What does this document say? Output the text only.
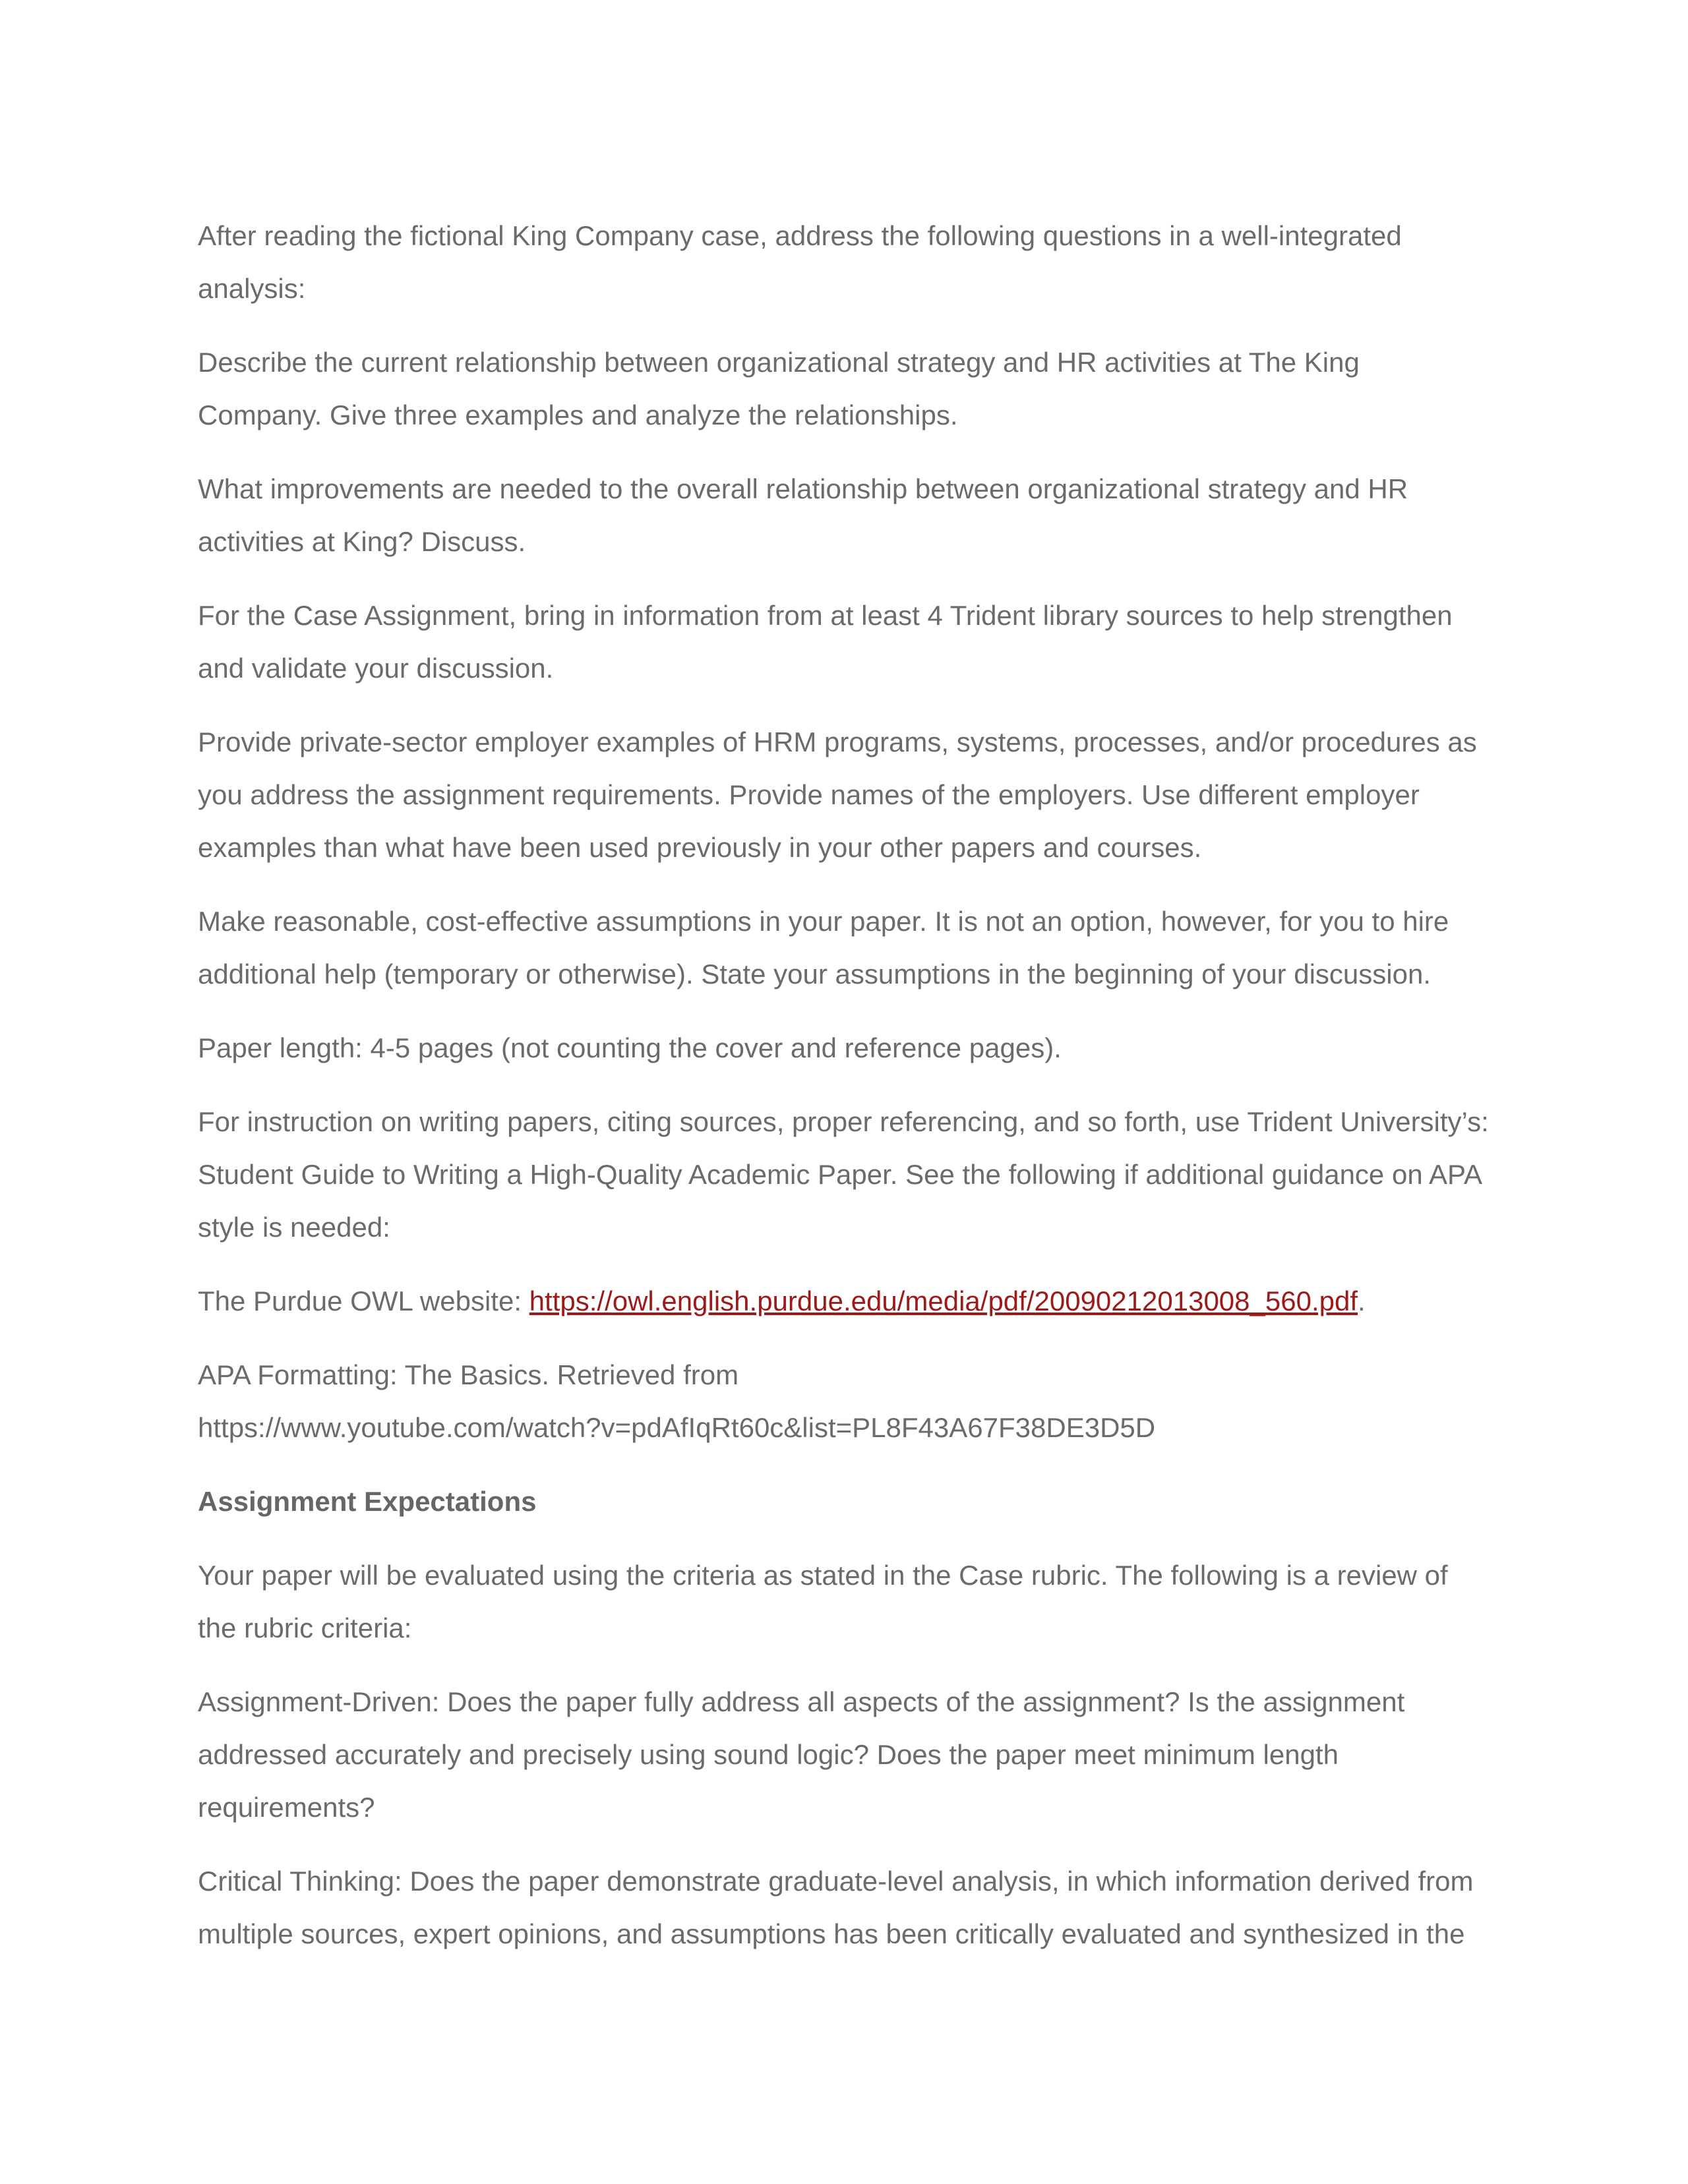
After reading the fictional King Company case, address the following questions in a well-integrated
analysis:

Describe the current relationship between organizational strategy and HR activities at The King
Company. Give three examples and analyze the relationships.

What improvements are needed to the overall relationship between organizational strategy and HR
activities at King? Discuss.

For the Case Assignment, bring in information from at least 4 Trident library sources to help strengthen
and validate your discussion.

Provide private-sector employer examples of HRM programs, systems, processes, and/or procedures as
you address the assignment requirements. Provide names of the employers. Use different employer
examples than what have been used previously in your other papers and courses.

Make reasonable, cost-effective assumptions in your paper. It is not an option, however, for you to hire
additional help (temporary or otherwise). State your assumptions in the beginning of your discussion.

Paper length: 4-5 pages (not counting the cover and reference pages).

For instruction on writing papers, citing sources, proper referencing, and so forth, use Trident University’s:
Student Guide to Writing a High-Quality Academic Paper. See the following if additional guidance on APA
style is needed:

The Purdue OWL website: https://owl.english.purdue.edu/media/pdf/20090212013008_560.pdf.

APA Formatting: The Basics. Retrieved from
https://www.youtube.com/watch?v=pdAfIqRt60c&list=PL8F43A67F38DE3D5D

Assignment Expectations

Your paper will be evaluated using the criteria as stated in the Case rubric. The following is a review of
the rubric criteria:

Assignment-Driven: Does the paper fully address all aspects of the assignment? Is the assignment
addressed accurately and precisely using sound logic? Does the paper meet minimum length
requirements?

Critical Thinking: Does the paper demonstrate graduate-level analysis, in which information derived from
multiple sources, expert opinions, and assumptions has been critically evaluated and synthesized in the
